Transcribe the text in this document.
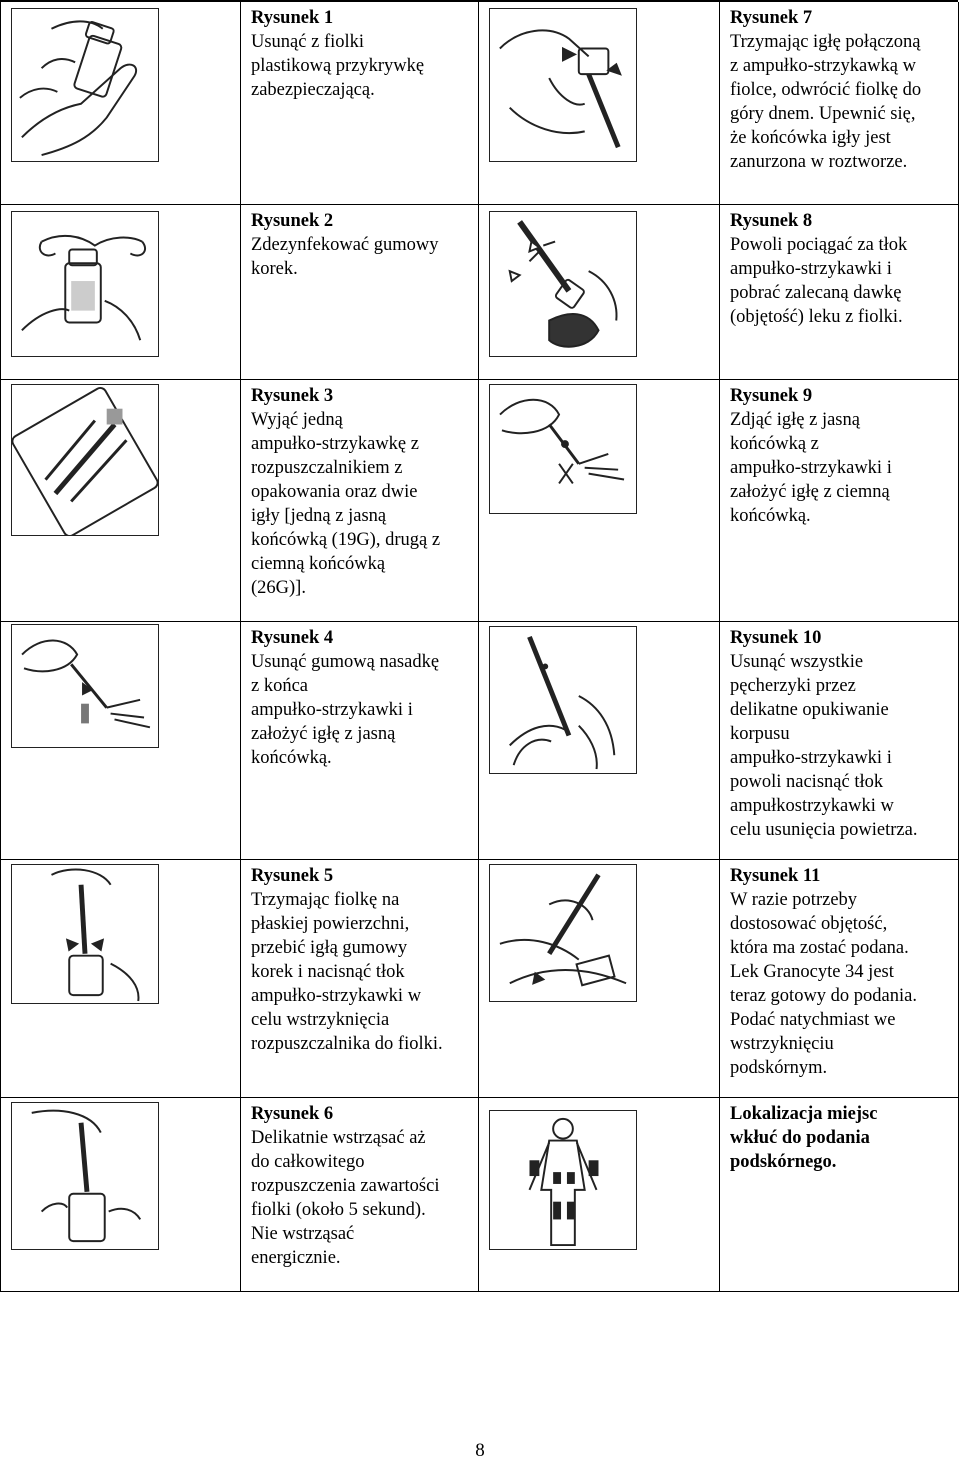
Rysunek 1
Usunąć z fiolki
plastikową przykrywkę
zabezpieczającą.
Rysunek 7
Trzymając igłę połączoną
z ampułko-strzykawką w
fiolce, odwrócić fiolkę do
góry dnem. Upewnić się,
że końcówka igły jest
zanurzona w roztworze.
Rysunek 2
Zdezynfekować gumowy
korek.
Rysunek 8
Powoli pociągać za tłok
ampułko-strzykawki i
pobrać zalecaną dawkę
(objętość) leku z fiolki.
Rysunek 3
Wyjąć jedną
ampułko-strzykawkę z
rozpuszczalnikiem z
opakowania oraz dwie
igły [jedną z jasną
końcówką (19G), drugą z
ciemną końcówką
(26G)].
Rysunek 9
Zdjąć igłę z jasną
końcówką z
ampułko-strzykawki i
założyć igłę z ciemną
końcówką.
Rysunek 4
Usunąć gumową nasadkę
z końca
ampułko-strzykawki i
założyć igłę z jasną
końcówką.
Rysunek 10
Usunąć wszystkie
pęcherzyki przez
delikatne opukiwanie
korpusu
ampułko-strzykawki i
powoli nacisnąć tłok
ampułkostrzykawki w
celu usunięcia powietrza.
Rysunek 5
Trzymając fiolkę na
płaskiej powierzchni,
przebić igłą gumowy
korek i nacisnąć tłok
ampułko-strzykawki w
celu wstrzyknięcia
rozpuszczalnika do fiolki.
Rysunek 11
W razie potrzeby
dostosować objętość,
która ma zostać podana.
Lek Granocyte 34 jest
teraz gotowy do podania.
Podać natychmiast we
wstrzyknięciu
podskórnym.
Rysunek 6
Delikatnie wstrząsać aż
do całkowitego
rozpuszczenia zawartości
fiolki (około 5 sekund).
Nie wstrząsać
energicznie.
Lokalizacja miejsc
wkłuć do podania
podskórnego.
8
